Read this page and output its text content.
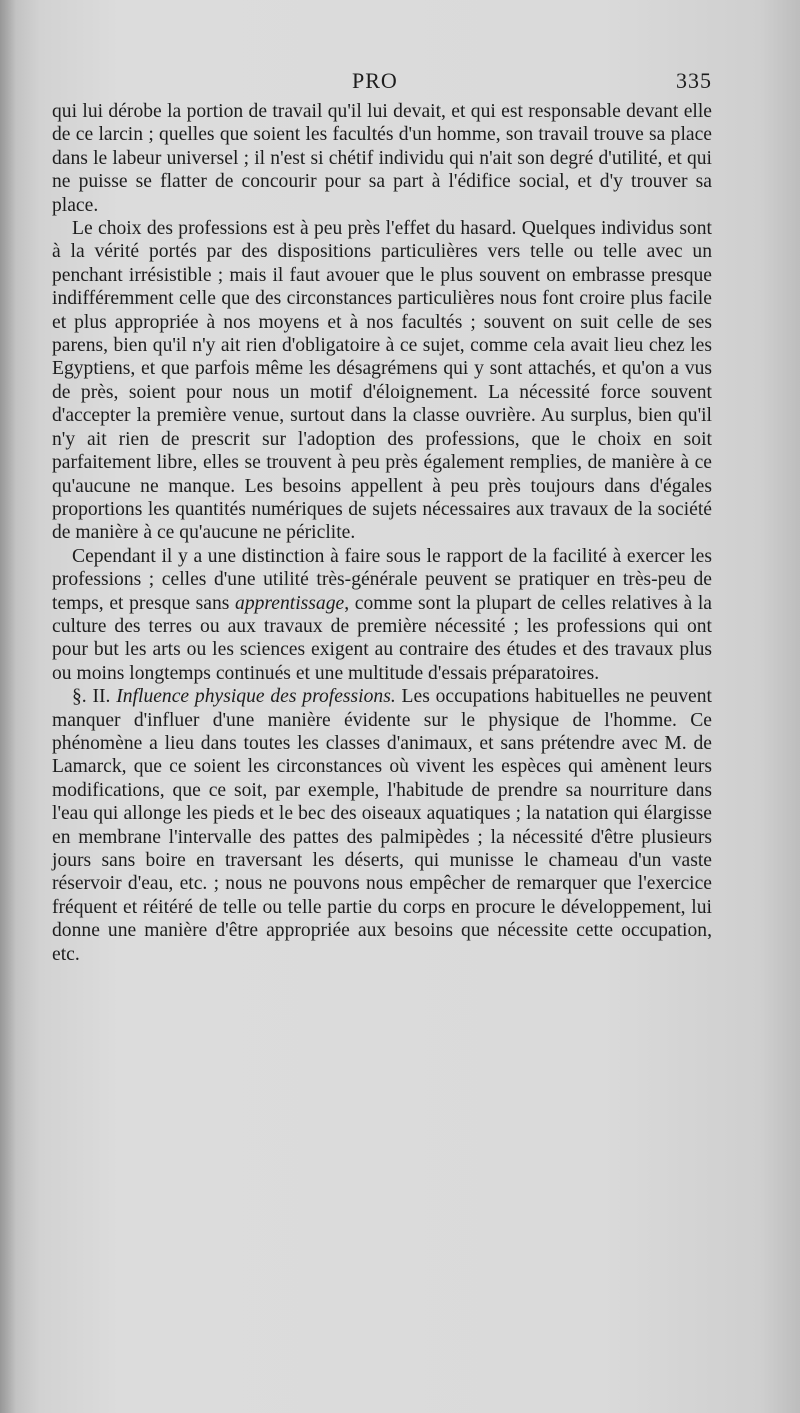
PRO	335

qui lui dérobe la portion de travail qu'il lui devait, et qui est responsable devant elle de ce larcin ; quelles que soient les facultés d'un homme, son travail trouve sa place dans le labeur universel ; il n'est si chétif individu qui n'ait son degré d'utilité, et qui ne puisse se flatter de concourir pour sa part à l'édifice social, et d'y trouver sa place.

Le choix des professions est à peu près l'effet du hasard. Quelques individus sont à la vérité portés par des dispositions particulières vers telle ou telle avec un penchant irrésistible ; mais il faut avouer que le plus souvent on embrasse presque indifféremment celle que des circonstances particulières nous font croire plus facile et plus appropriée à nos moyens et à nos facultés ; souvent on suit celle de ses parens, bien qu'il n'y ait rien d'obligatoire à ce sujet, comme cela avait lieu chez les Egyptiens, et que parfois même les désagrémens qui y sont attachés, et qu'on a vus de près, soient pour nous un motif d'éloignement. La nécessité force souvent d'accepter la première venue, surtout dans la classe ouvrière. Au surplus, bien qu'il n'y ait rien de prescrit sur l'adoption des professions, que le choix en soit parfaitement libre, elles se trouvent à peu près également remplies, de manière à ce qu'aucune ne manque. Les besoins appellent à peu près toujours dans d'égales proportions les quantités numériques de sujets nécessaires aux travaux de la société de manière à ce qu'aucune ne périclite.

Cependant il y a une distinction à faire sous le rapport de la facilité à exercer les professions ; celles d'une utilité très-générale peuvent se pratiquer en très-peu de temps, et presque sans apprentissage, comme sont la plupart de celles relatives à la culture des terres ou aux travaux de première nécessité ; les professions qui ont pour but les arts ou les sciences exigent au contraire des études et des travaux plus ou moins longtemps continués et une multitude d'essais préparatoires.

§. II. Influence physique des professions. Les occupations habituelles ne peuvent manquer d'influer d'une manière évidente sur le physique de l'homme. Ce phénomène a lieu dans toutes les classes d'animaux, et sans prétendre avec M. de Lamarck, que ce soient les circonstances où vivent les espèces qui amènent leurs modifications, que ce soit, par exemple, l'habitude de prendre sa nourriture dans l'eau qui allonge les pieds et le bec des oiseaux aquatiques ; la natation qui élargisse en membrane l'intervalle des pattes des palmipèdes ; la nécessité d'être plusieurs jours sans boire en traversant les déserts, qui munisse le chameau d'un vaste réservoir d'eau, etc. ; nous ne pouvons nous empêcher de remarquer que l'exercice fréquent et réitéré de telle ou telle partie du corps en procure le développement, lui donne une manière d'être appropriée aux besoins que nécessite cette occupation, etc.
